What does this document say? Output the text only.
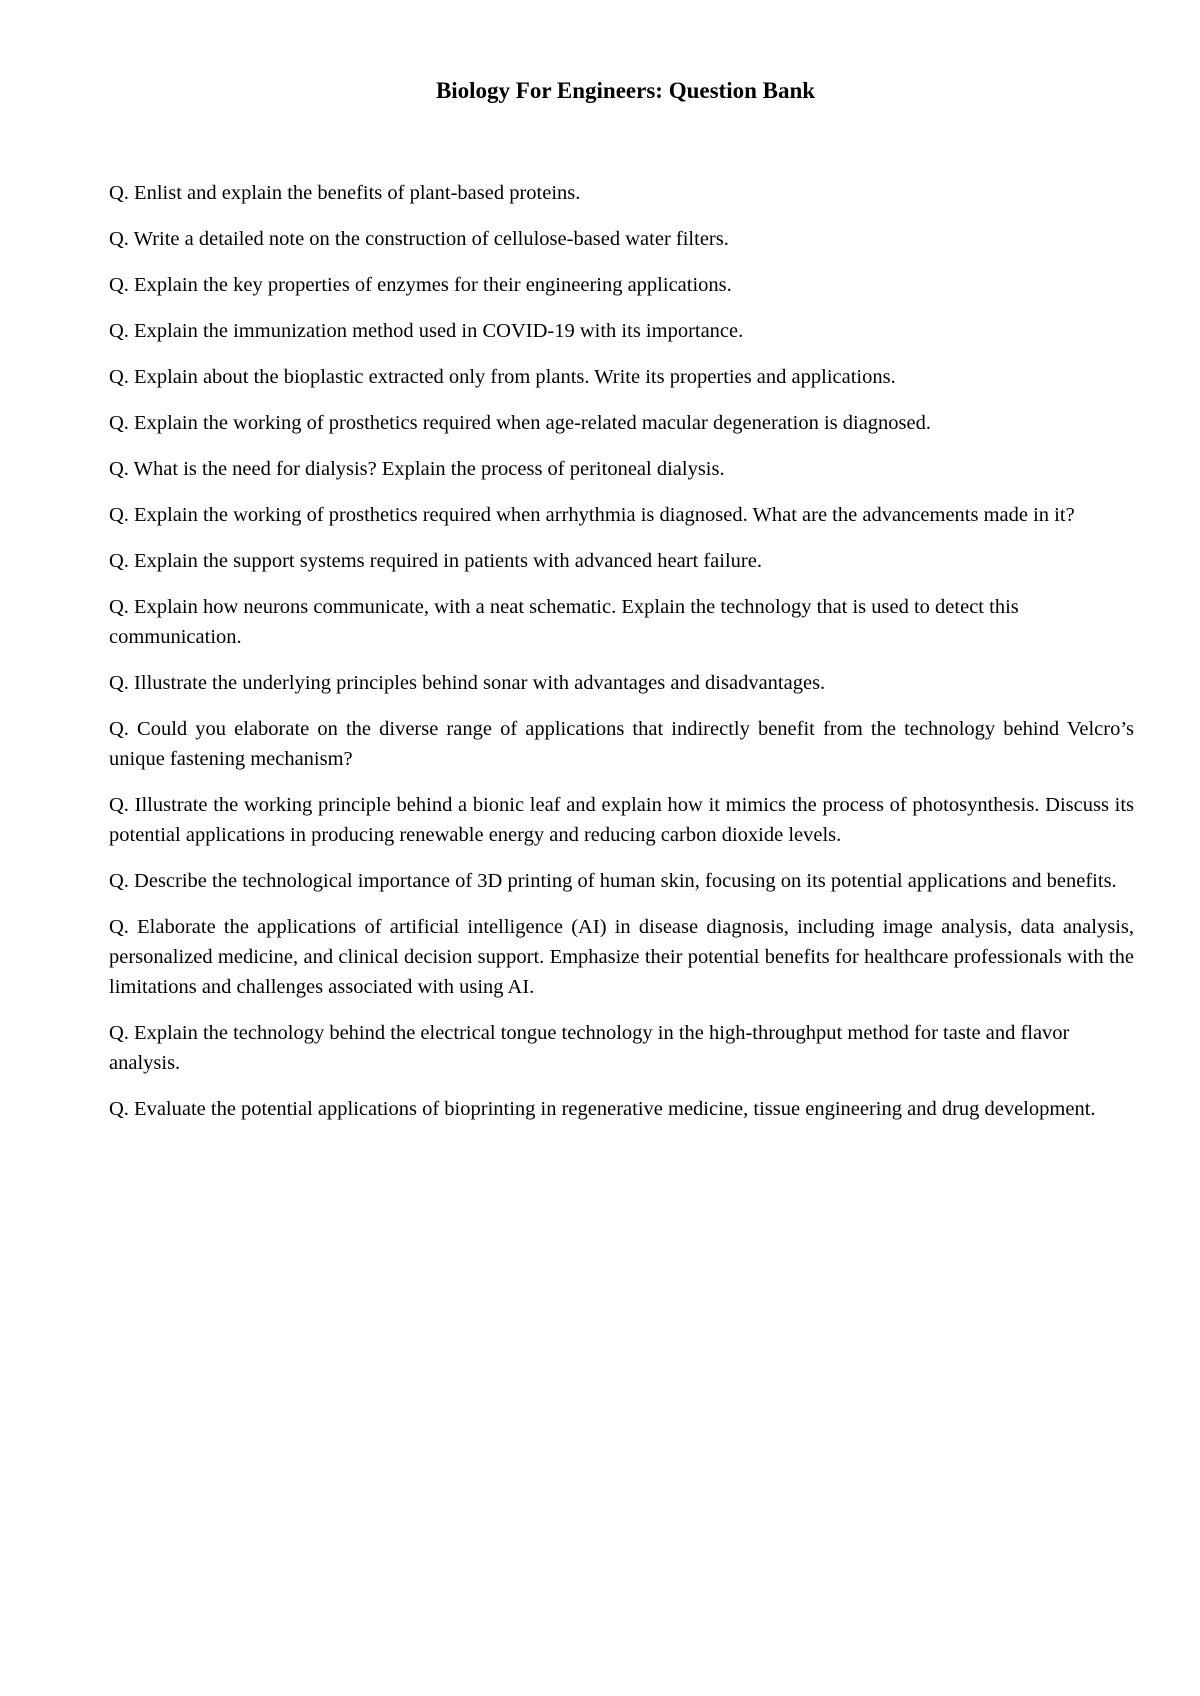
Biology For Engineers: Question Bank
Q. Enlist and explain the benefits of plant-based proteins.
Q. Write a detailed note on the construction of cellulose-based water filters.
Q. Explain the key properties of enzymes for their engineering applications.
Q. Explain the immunization method used in COVID-19 with its importance.
Q. Explain about the bioplastic extracted only from plants. Write its properties and applications.
Q. Explain the working of prosthetics required when age-related macular degeneration is diagnosed.
Q. What is the need for dialysis? Explain the process of peritoneal dialysis.
Q. Explain the working of prosthetics required when arrhythmia is diagnosed. What are the advancements made in it?
Q. Explain the support systems required in patients with advanced heart failure.
Q. Explain how neurons communicate, with a neat schematic. Explain the technology that is used to detect this communication.
Q. Illustrate the underlying principles behind sonar with advantages and disadvantages.
Q. Could you elaborate on the diverse range of applications that indirectly benefit from the technology behind Velcro’s unique fastening mechanism?
Q. Illustrate the working principle behind a bionic leaf and explain how it mimics the process of photosynthesis. Discuss its potential applications in producing renewable energy and reducing carbon dioxide levels.
Q. Describe the technological importance of 3D printing of human skin, focusing on its potential applications and benefits.
Q. Elaborate the applications of artificial intelligence (AI) in disease diagnosis, including image analysis, data analysis, personalized medicine, and clinical decision support. Emphasize their potential benefits for healthcare professionals with the limitations and challenges associated with using AI.
Q. Explain the technology behind the electrical tongue technology in the high-throughput method for taste and flavor analysis.
Q. Evaluate the potential applications of bioprinting in regenerative medicine, tissue engineering and drug development.
